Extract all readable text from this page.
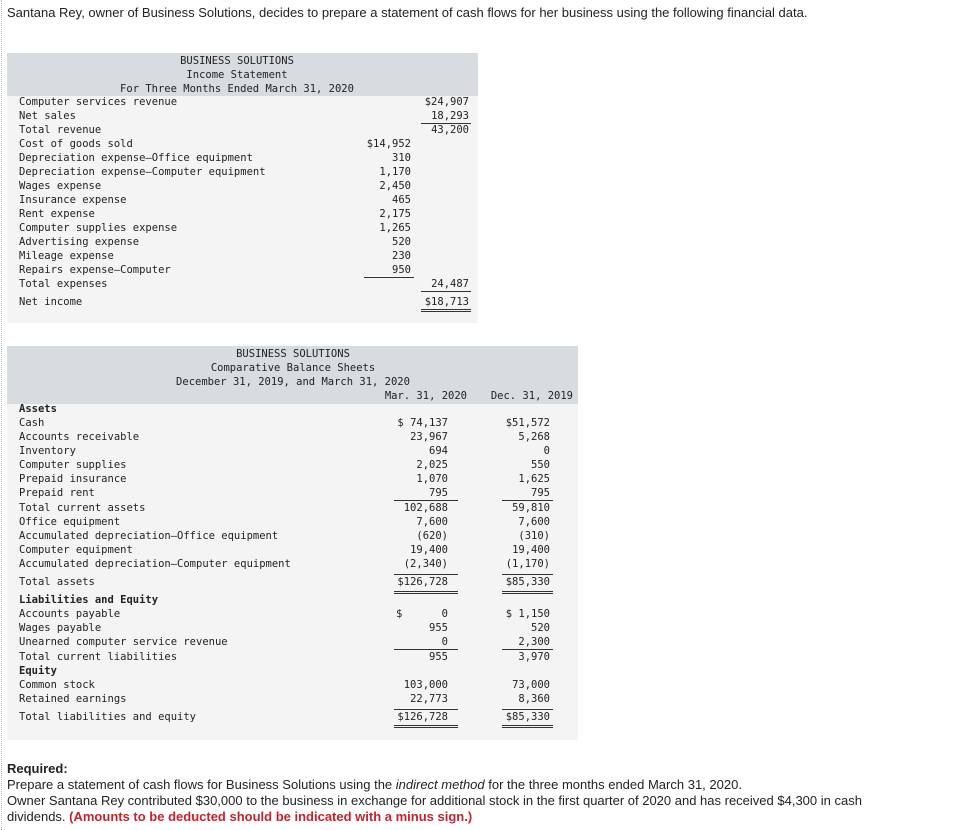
Santana Rey, owner of Business Solutions, decides to prepare a statement of cash flows for her business using the following financial data.
BUSINESS SOLUTIONS
Income Statement
For Three Months Ended March 31, 2020
Computer services revenue	$24,907
Net sales	18,293
Total revenue	43,200
Cost of goods sold	$14,952
Depreciation expense—Office equipment	310
Depreciation expense—Computer equipment	1,170
Wages expense	2,450
Insurance expense	465
Rent expense	2,175
Computer supplies expense	1,265
Advertising expense	520
Mileage expense	230
Repairs expense—Computer	950
Total expenses	24,487
Net income	$18,713
BUSINESS SOLUTIONS
Comparative Balance Sheets
December 31, 2019, and March 31, 2020
Mar. 31, 2020 Dec. 31, 2019
Assets
Cash	$ 74,137	$51,572
Accounts receivable	23,967	5,268
Inventory	694	0
Computer supplies	2,025	550
Prepaid insurance	1,070	1,625
Prepaid rent	795	795
Total current assets	102,688	59,810
Office equipment	7,600	7,600
Accumulated depreciation—Office equipment	(620)	(310)
Computer equipment	19,400	19,400
Accumulated depreciation—Computer equipment	(2,340)	(1,170)
Total assets	$126,728	$85,330
Liabilities and Equity
Accounts payable	0	$ 1,150
Wages payable	955	520
Unearned computer service revenue	0	2,300
Total current liabilities	955	3,970
Equity
Common stock	103,000	73,000
Retained earnings	22,773	8,360
Total liabilities and equity	$126,728	$85,330
$
Required:
Prepare a statement of cash flows for Business Solutions using the indirect method for the three months ended March 31, 2020.
Owner Santana Rey contributed $30,000 to the business in exchange for additional stock in the first quarter of 2020 and has received $4,300 in cash dividends. (Amounts to be deducted should be indicated with a minus sign.)
